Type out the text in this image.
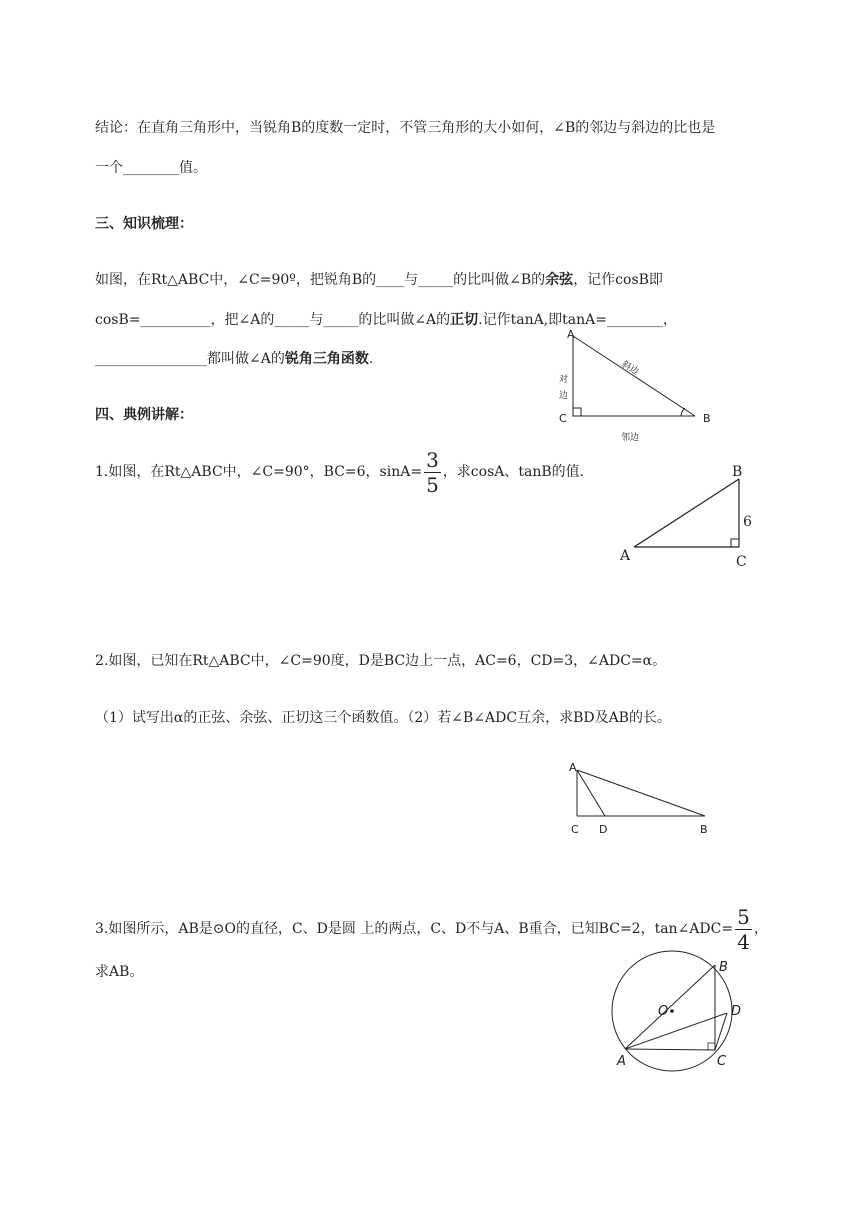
结论：在直角三角形中，当锐角B的度数一定时，不管三角形的大小如何，∠B的邻边与斜边的比也是
一个________值。
三、知识梳理：
如图，在Rt△ABC中，∠C=90º，把锐角B的____与_____的比叫做∠B的余弦，记作cosB即
cosB=__________，把∠A的_____与_____的比叫做∠A的正切.记作tanA,即tanA=________，
________________都叫做∠A的锐角三角函数.
A
C	B
斜边
对
边
邻边
四、典例讲解：
1.如图，在Rt△ABC中，∠C=90°，BC=6，$\sin A= \frac{3}{5}$ ，求cosA、tanB的值.	B
6
A	C
2.如图，已知在Rt△ABC中，∠C=90度，D是BC边上一点，AC=6，CD=3，∠ADC=α。
（1）试写出α的正弦、余弦、正切这三个函数值。（2）若∠B∠ADC互余，求BD及AB的长。
A
C D	B
3.如图所示，AB是⊙O的直径，C、D是圆 上的两点，C、D不与A、B重合，已知BC=2，tan∠ADC= $\frac{5}{4}$ ，
求AB。
O
B
D
A	C
